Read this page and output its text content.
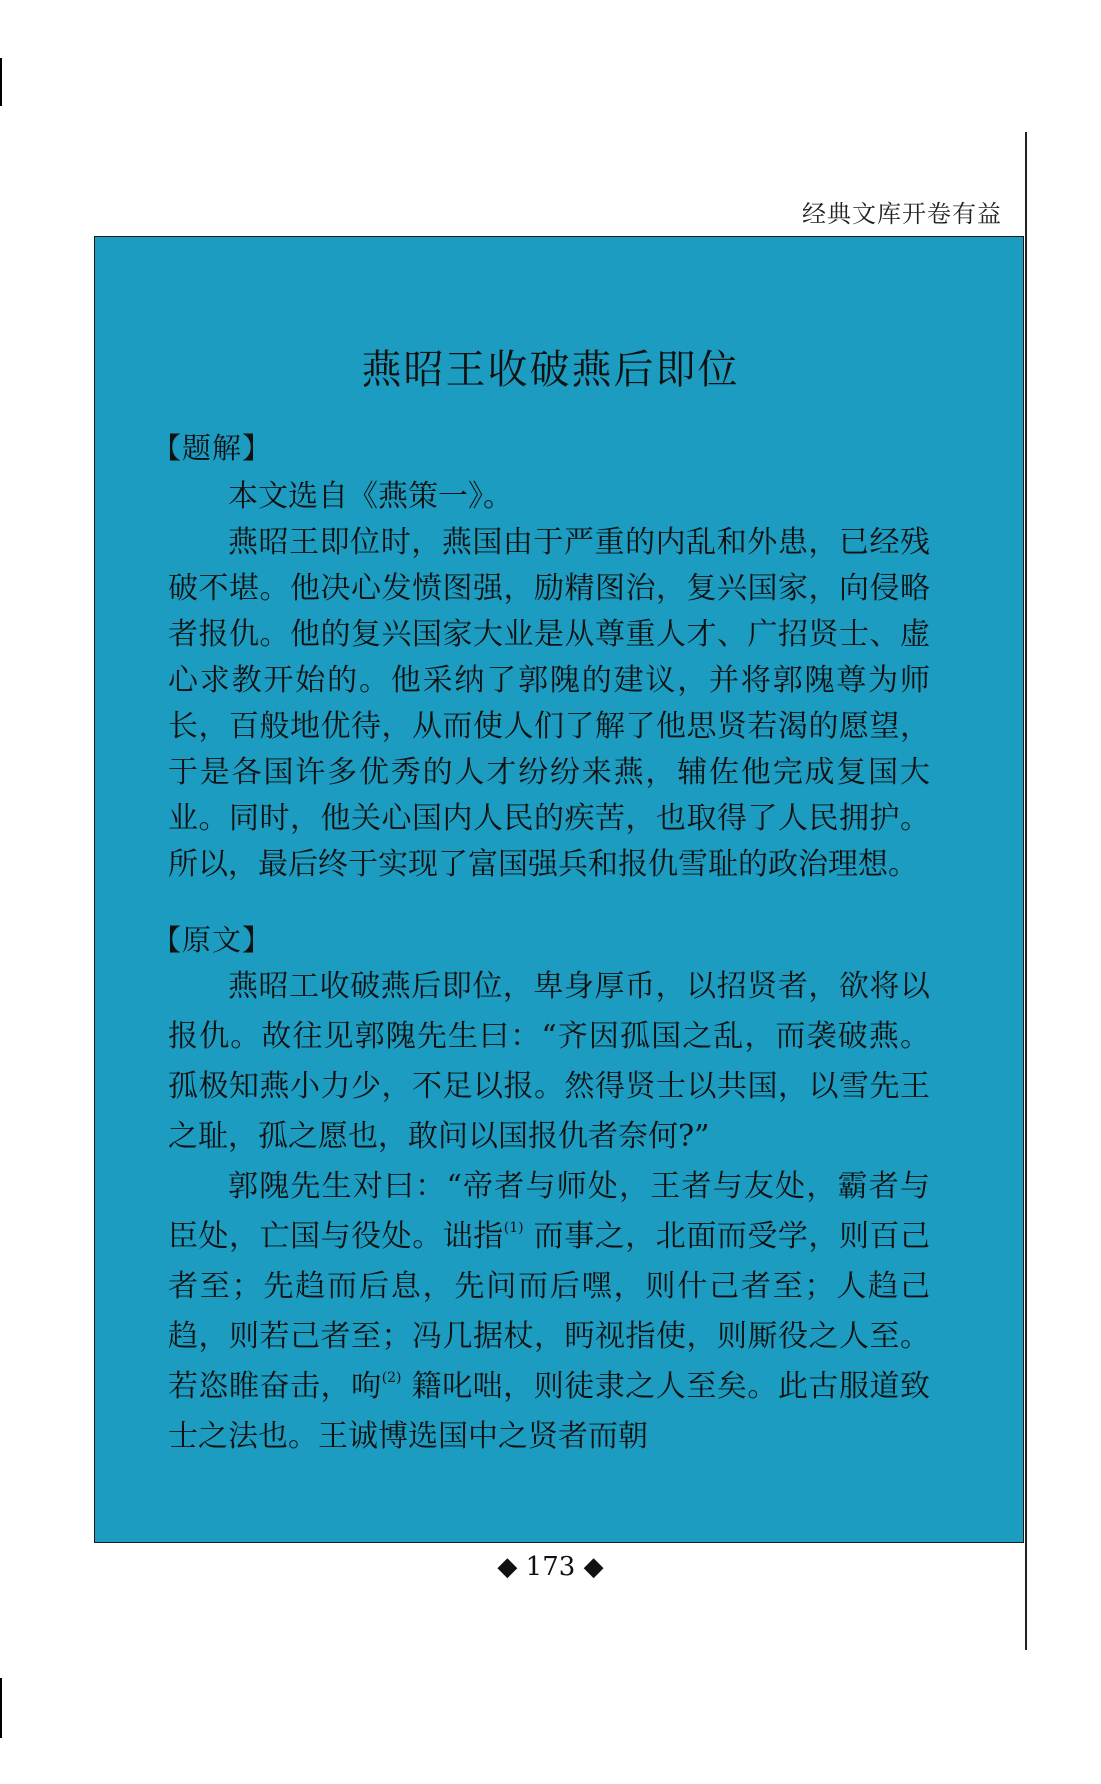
经典文库开卷有益
燕昭王收破燕后即位
【题解】

本文选自《燕策一》。

燕昭王即位时，燕国由于严重的内乱和外患，已经残破不堪。他决心发愤图强，励精图治，复兴国家，向侵略者报仇。他的复兴国家大业是从尊重人才、广招贤士、虚心求教开始的。他采纳了郭隗的建议，并将郭隗尊为师长，百般地优待，从而使人们了解了他思贤若渴的愿望，于是各国许多优秀的人才纷纷来燕，辅佐他完成复国大业。同时，他关心国内人民的疾苦，也取得了人民拥护。所以，最后终于实现了富国强兵和报仇雪耻的政治理想。

【原文】

燕昭工收破燕后即位，卑身厚币，以招贤者，欲将以报仇。故往见郭隗先生曰：“齐因孤国之乱，而袭破燕。孤极知燕小力少，不足以报。然得贤士以共国，以雪先王之耻，孤之愿也，敢问以国报仇者奈何?”

郭隗先生对曰：“帝者与师处，王者与友处，霸者与臣处，亡国与役处。诎指$^{(1)}$ 而事之，北面而受学，则百己者至；先趋而后息，先问而后嘿，则什己者至；人趋己趋，则若己者至；冯几据杖，眄视指使，则厮役之人至。若恣睢奋击，呴$^{(2)}$ 籍叱咄，则徒隶之人至矣。此古服道致士之法也。王诚博选国中之贤者而朝

◆ 173 ◆
